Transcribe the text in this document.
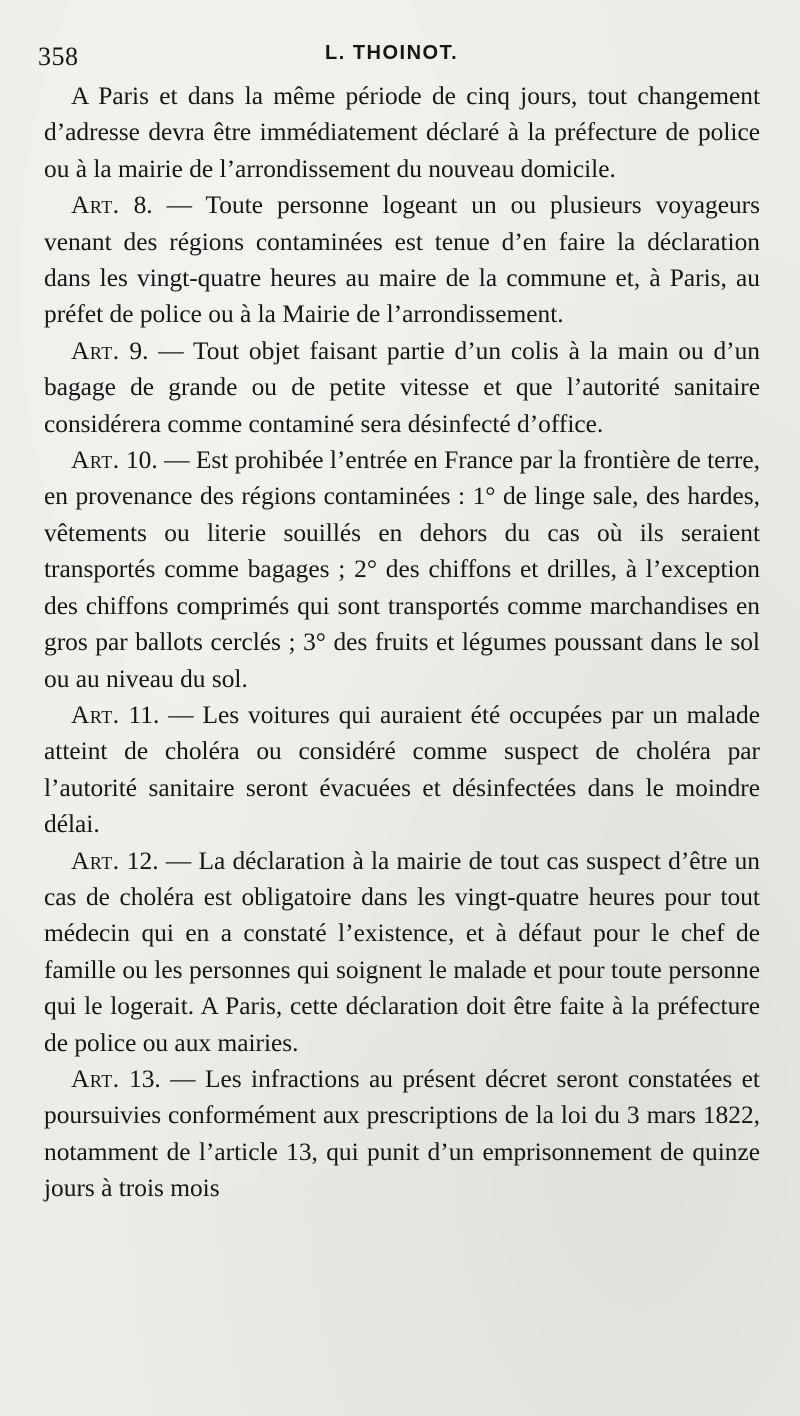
358	L. THOINOT.

A Paris et dans la même période de cinq jours, tout changement d’adresse devra être immédiatement déclaré à la préfecture de police ou à la mairie de l’arrondissement du nouveau domicile.

Art. 8. — Toute personne logeant un ou plusieurs voyageurs venant des régions contaminées est tenue d’en faire la déclaration dans les vingt-quatre heures au maire de la commune et, à Paris, au préfet de police ou à la Mairie de l’arrondissement.

Art. 9. — Tout objet faisant partie d’un colis à la main ou d’un bagage de grande ou de petite vitesse et que l’autorité sanitaire considérera comme contaminé sera désinfecté d’office.

Art. 10. — Est prohibée l’entrée en France par la frontière de terre, en provenance des régions contaminées : 1° de linge sale, des hardes, vêtements ou literie souillés en dehors du cas où ils seraient transportés comme bagages ; 2° des chiffons et drilles, à l’exception des chiffons comprimés qui sont transportés comme marchandises en gros par ballots cerclés ; 3° des fruits et légumes poussant dans le sol ou au niveau du sol.

Art. 11. — Les voitures qui auraient été occupées par un malade atteint de choléra ou considéré comme suspect de choléra par l’autorité sanitaire seront évacuées et désinfectées dans le moindre délai.

Art. 12. — La déclaration à la mairie de tout cas suspect d’être un cas de choléra est obligatoire dans les vingt-quatre heures pour tout médecin qui en a constaté l’existence, et à défaut pour le chef de famille ou les personnes qui soignent le malade et pour toute personne qui le logerait. A Paris, cette déclaration doit être faite à la préfecture de police ou aux mairies.

Art. 13. — Les infractions au présent décret seront constatées et poursuivies conformément aux prescriptions de la loi du 3 mars 1822, notamment de l’article 13, qui punit d’un emprisonnement de quinze jours à trois mois
